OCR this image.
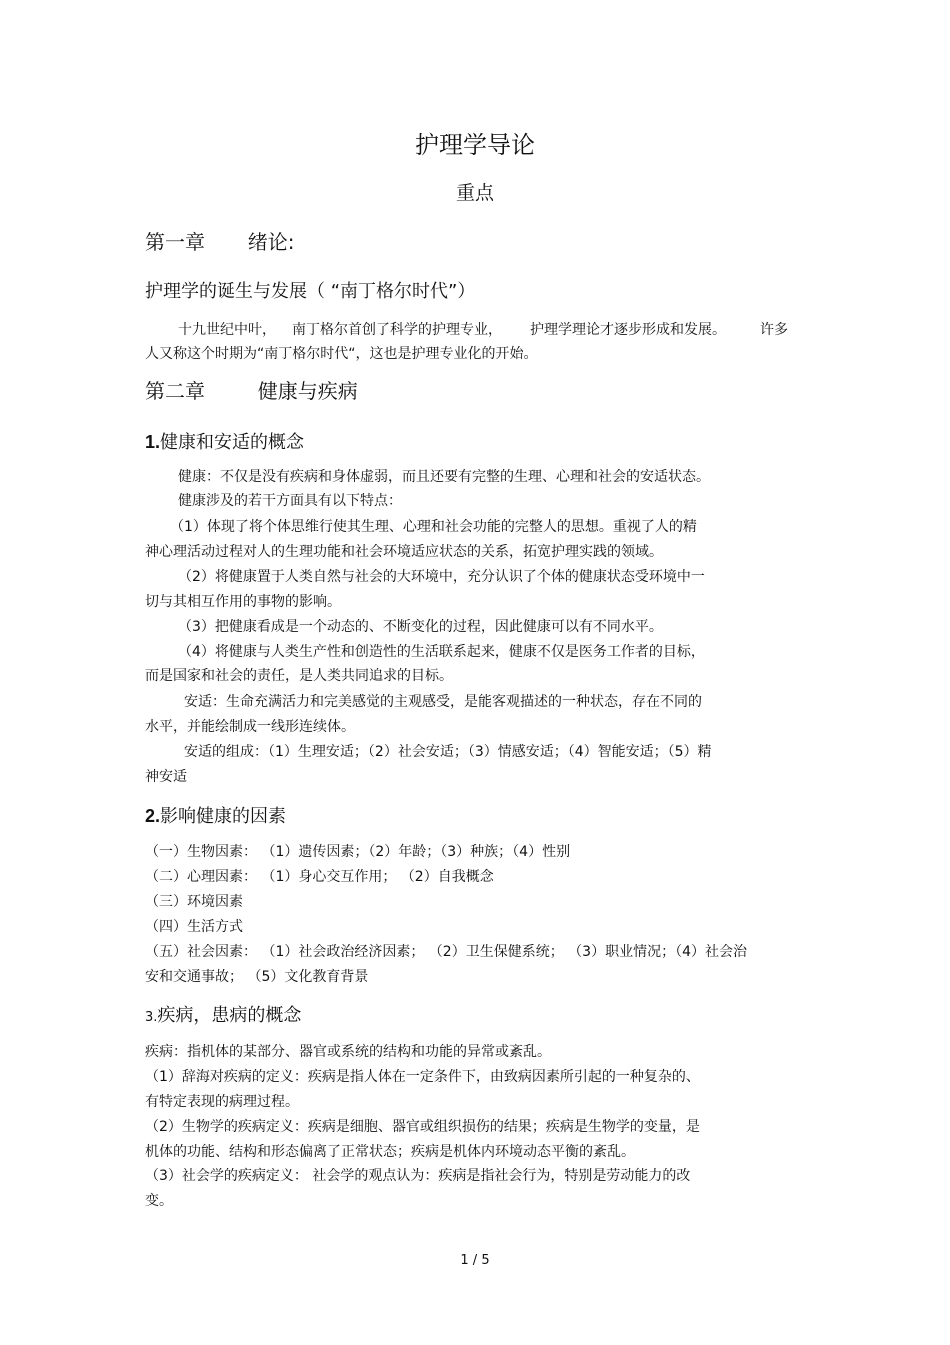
护理学导论
重点
第一章 绪论:
护理学的诞生与发展（ “南丁格尔时代”）
十九世纪中叶， 南丁格尔首创了科学的护理专业， 护理学理论才逐步形成和发展。 许多
人又称这个时期为“南丁格尔时代“，这也是护理专业化的开始。
第二章	健康与疾病
1.健康和安适的概念
健康：不仅是没有疾病和身体虚弱，而且还要有完整的生理、心理和社会的安适状态。
健康涉及的若干方面具有以下特点：
（1）体现了将个体思维行使其生理、心理和社会功能的完整人的思想。重视了人的精
神心理活动过程对人的生理功能和社会环境适应状态的关系，拓宽护理实践的领域。
（2）将健康置于人类自然与社会的大环境中，充分认识了个体的健康状态受环境中一
切与其相互作用的事物的影响。
（3）把健康看成是一个动态的、不断变化的过程，因此健康可以有不同水平。
（4）将健康与人类生产性和创造性的生活联系起来，健康不仅是医务工作者的目标，
而是国家和社会的责任，是人类共同追求的目标。
安适：生命充满活力和完美感觉的主观感受，是能客观描述的一种状态，存在不同的
水平，并能绘制成一线形连续体。
安适的组成：（1）生理安适；（2）社会安适；（3）情感安适；（4）智能安适；（5）精
神安适
2.影响健康的因素
（一）生物因素： （1）遗传因素；（2）年龄；（3）种族；（4）性别
（二）心理因素： （1）身心交互作用； （2）自我概念
（三）环境因素
（四）生活方式
（五）社会因素： （1）社会政治经济因素； （2）卫生保健系统； （3）职业情况；（4）社会治
安和交通事故； （5）文化教育背景
3.疾病，患病的概念
疾病：指机体的某部分、器官或系统的结构和功能的异常或紊乱。
（1）辞海对疾病的定义：疾病是指人体在一定条件下，由致病因素所引起的一种复杂的、
有特定表现的病理过程。
（2）生物学的疾病定义：疾病是细胞、器官或组织损伤的结果；疾病是生物学的变量，是
机体的功能、结构和形态偏离了正常状态；疾病是机体内环境动态平衡的紊乱。
（3）社会学的疾病定义： 社会学的观点认为：疾病是指社会行为，特别是劳动能力的改
变。
1 / 5
